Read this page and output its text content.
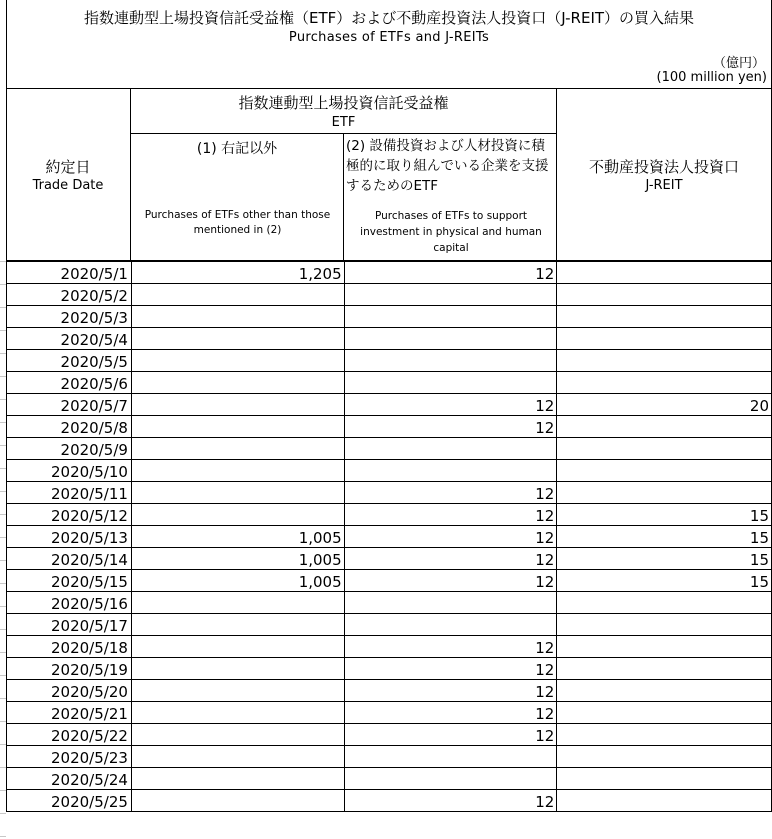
指数連動型上場投資信託受益権（ETF）および不動産投資法人投資口（J-REIT）の買入結果
Purchases of ETFs and J-REITs
（億円）
(100 million yen)
約定日
Trade Date
指数連動型上場投資信託受益権
ETF
(1) 右記以外
Purchases of ETFs other than those mentioned in (2)
(2) 設備投資および人材投資に積極的に取り組んでいる企業を支援するためのETF
Purchases of ETFs to support investment in physical and human capital
不動産投資法人投資口
J-REIT
2020/5/1	1,205	12	
2020/5/2			
2020/5/3			
2020/5/4			
2020/5/5			
2020/5/6			
2020/5/7		12	20
2020/5/8		12	
2020/5/9			
2020/5/10			
2020/5/11		12	
2020/5/12		12	15
2020/5/13	1,005	12	15
2020/5/14	1,005	12	15
2020/5/15	1,005	12	15
2020/5/16			
2020/5/17			
2020/5/18		12	
2020/5/19		12	
2020/5/20		12	
2020/5/21		12	
2020/5/22		12	
2020/5/23			
2020/5/24			
2020/5/25		12	
